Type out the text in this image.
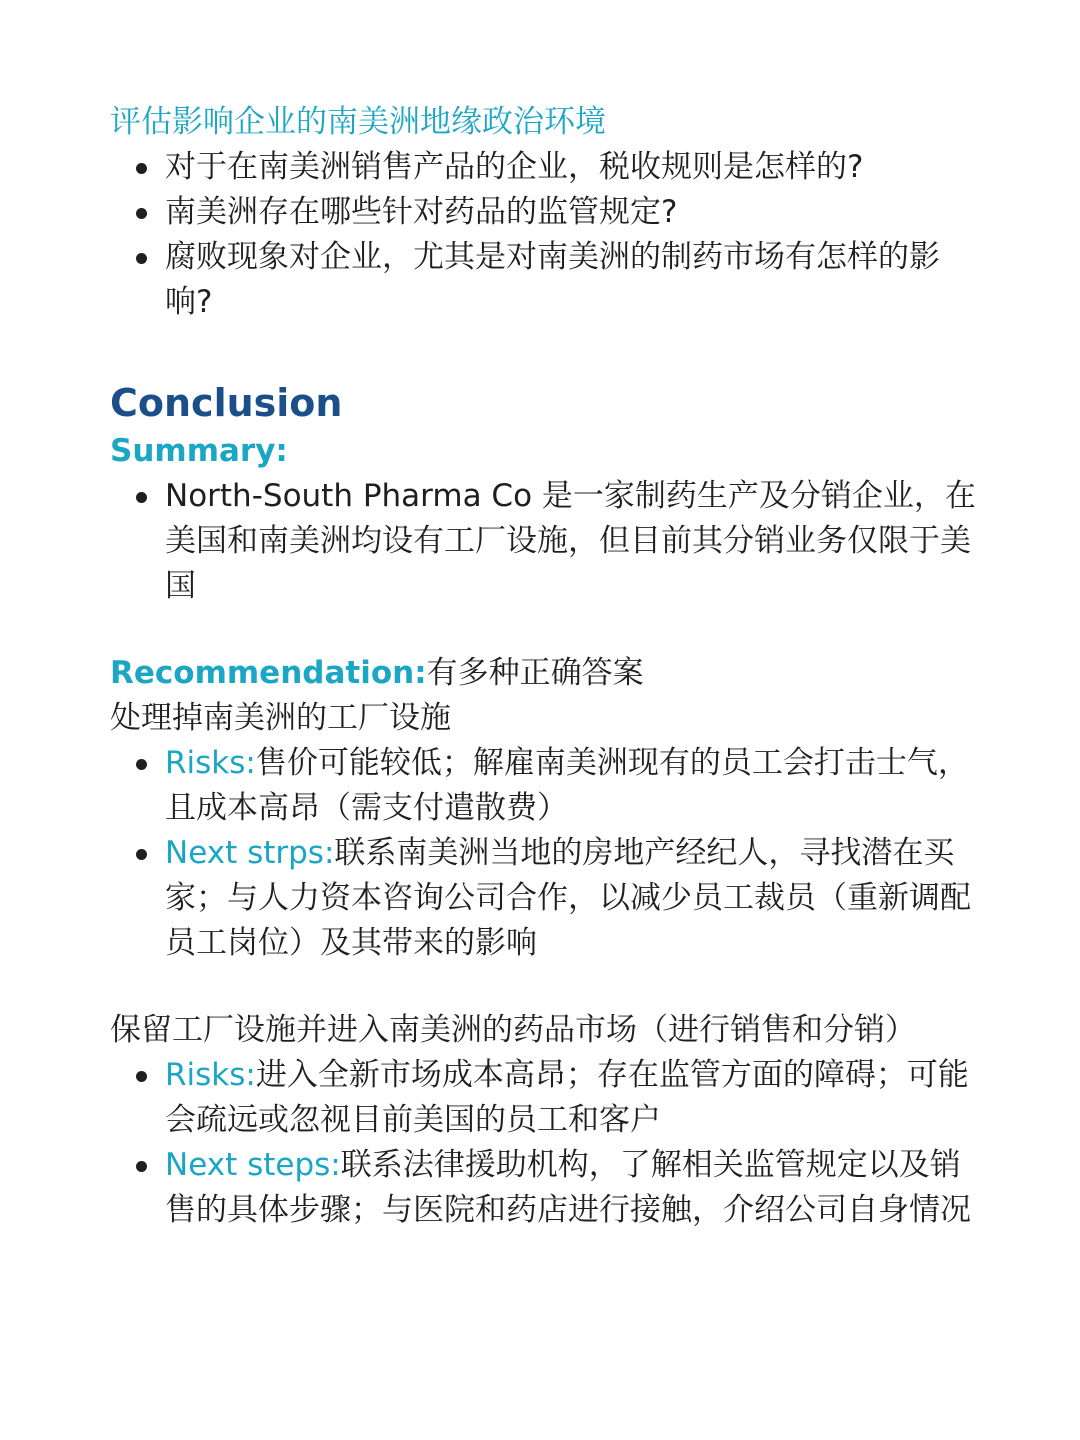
评估影响企业的南美洲地缘政治环境

对于在南美洲销售产品的企业，税收规则是怎样的?
南美洲存在哪些针对药品的监管规定?
腐败现象对企业，尤其是对南美洲的制药市场有怎样的影响?

Conclusion

Summary:

North-South Pharma Co 是一家制药生产及分销企业，在美国和南美洲均设有工厂设施，但目前其分销业务仅限于美国

Recommendation:有多种正确答案

处理掉南美洲的工厂设施

Risks:售价可能较低；解雇南美洲现有的员工会打击士气，且成本高昂（需支付遣散费）
Next strps:联系南美洲当地的房地产经纪人，寻找潜在买家；与人力资本咨询公司合作，以减少员工裁员（重新调配员工岗位）及其带来的影响

保留工厂设施并进入南美洲的药品市场（进行销售和分销）

Risks:进入全新市场成本高昂；存在监管方面的障碍；可能会疏远或忽视目前美国的员工和客户
Next steps:联系法律援助机构，了解相关监管规定以及销售的具体步骤；与医院和药店进行接触，介绍公司自身情况
